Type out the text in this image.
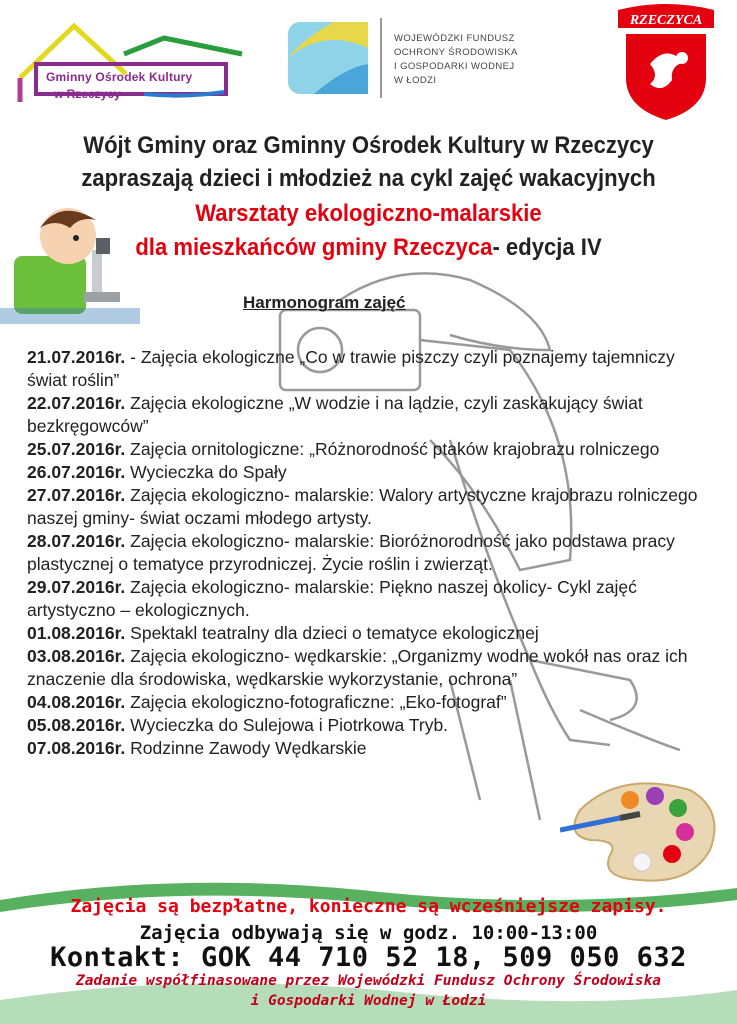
Gminny Ośrodek Kultury
w Rzeczycy
WOJEWÓDZKI FUNDUSZ
OCHRONY ŚRODOWISKA
I GOSPODARKI WODNEJ
W ŁODZI
RZECZYCA
Wójt Gminy oraz Gminny Ośrodek Kultury w Rzeczycy
zapraszają dzieci i młodzież na cykl zajęć wakacyjnych
Warsztaty ekologiczno-malarskie
dla mieszkańców gminy Rzeczyca- edycja IV
Harmonogram zajęć

21.07.2016r. - Zajęcia ekologiczne „Co w trawie piszczy czyli poznajemy tajemniczy świat roślin”

22.07.2016r. Zajęcia ekologiczne „W wodzie i na lądzie, czyli zaskakujący świat bezkręgowców”

25.07.2016r. Zajęcia ornitologiczne: „Różnorodność ptaków krajobrazu rolniczego

26.07.2016r. Wycieczka do Spały

27.07.2016r. Zajęcia ekologiczno- malarskie: Walory artystyczne krajobrazu rolniczego naszej gminy- świat oczami młodego artysty.

28.07.2016r. Zajęcia ekologiczno- malarskie: Bioróżnorodność jako podstawa pracy plastycznej o tematyce przyrodniczej. Życie roślin i zwierząt.

29.07.2016r. Zajęcia ekologiczno- malarskie: Piękno naszej okolicy- Cykl zajęć artystyczno – ekologicznych.

01.08.2016r. Spektakl teatralny dla dzieci o tematyce ekologicznej

03.08.2016r. Zajęcia ekologiczno- wędkarskie: „Organizmy wodne wokół nas oraz ich znaczenie dla środowiska, wędkarskie wykorzystanie, ochrona”

04.08.2016r. Zajęcia ekologiczno-fotograficzne: „Eko-fotograf”

05.08.2016r. Wycieczka do Sulejowa i Piotrkowa Tryb.

07.08.2016r. Rodzinne Zawody Wędkarskie

Zajęcia są bezpłatne, konieczne są wcześniejsze zapisy.
Zajęcia odbywają się w godz. 10:00-13:00
Kontakt: GOK 44 710 52 18, 509 050 632
Zadanie współfinasowane przez Wojewódzki Fundusz Ochrony Środowiska
i Gospodarki Wodnej w Łodzi
